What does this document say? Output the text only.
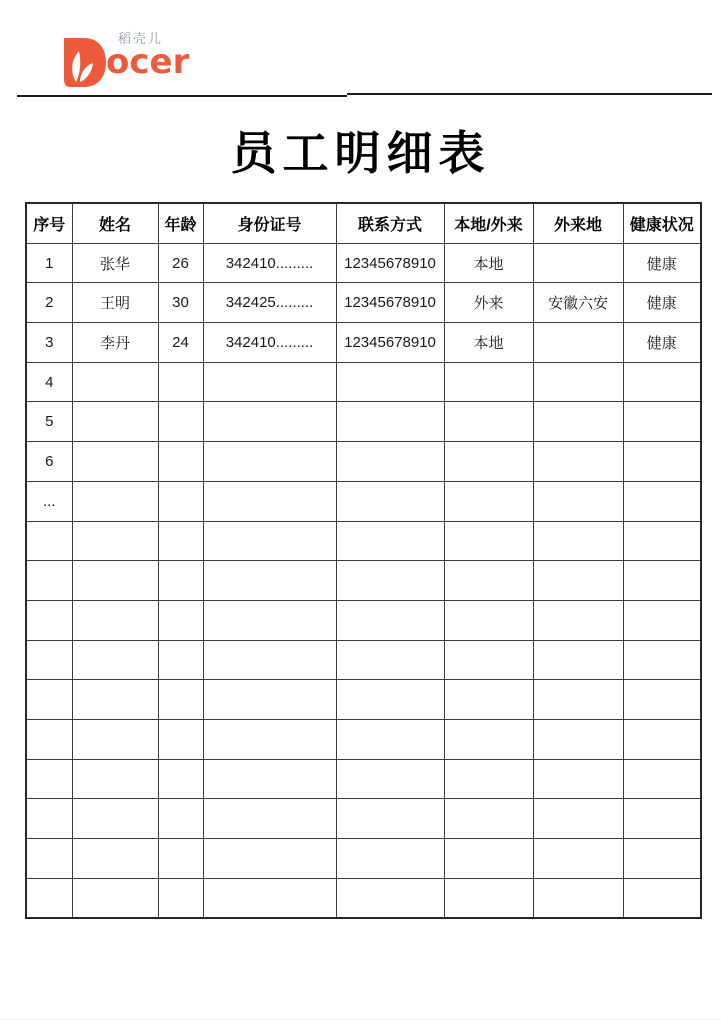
稻壳儿
ocer
员工明细表
序号	姓名	年龄	身份证号	联系方式	本地/外来	外来地	健康状况
1	张华	26	342410.........	12345678910	本地		健康
2	王明	30	342425.........	12345678910	外来	安徽六安	健康
3	李丹	24	342410.........	12345678910	本地		健康
4							
5							
6							
...							
